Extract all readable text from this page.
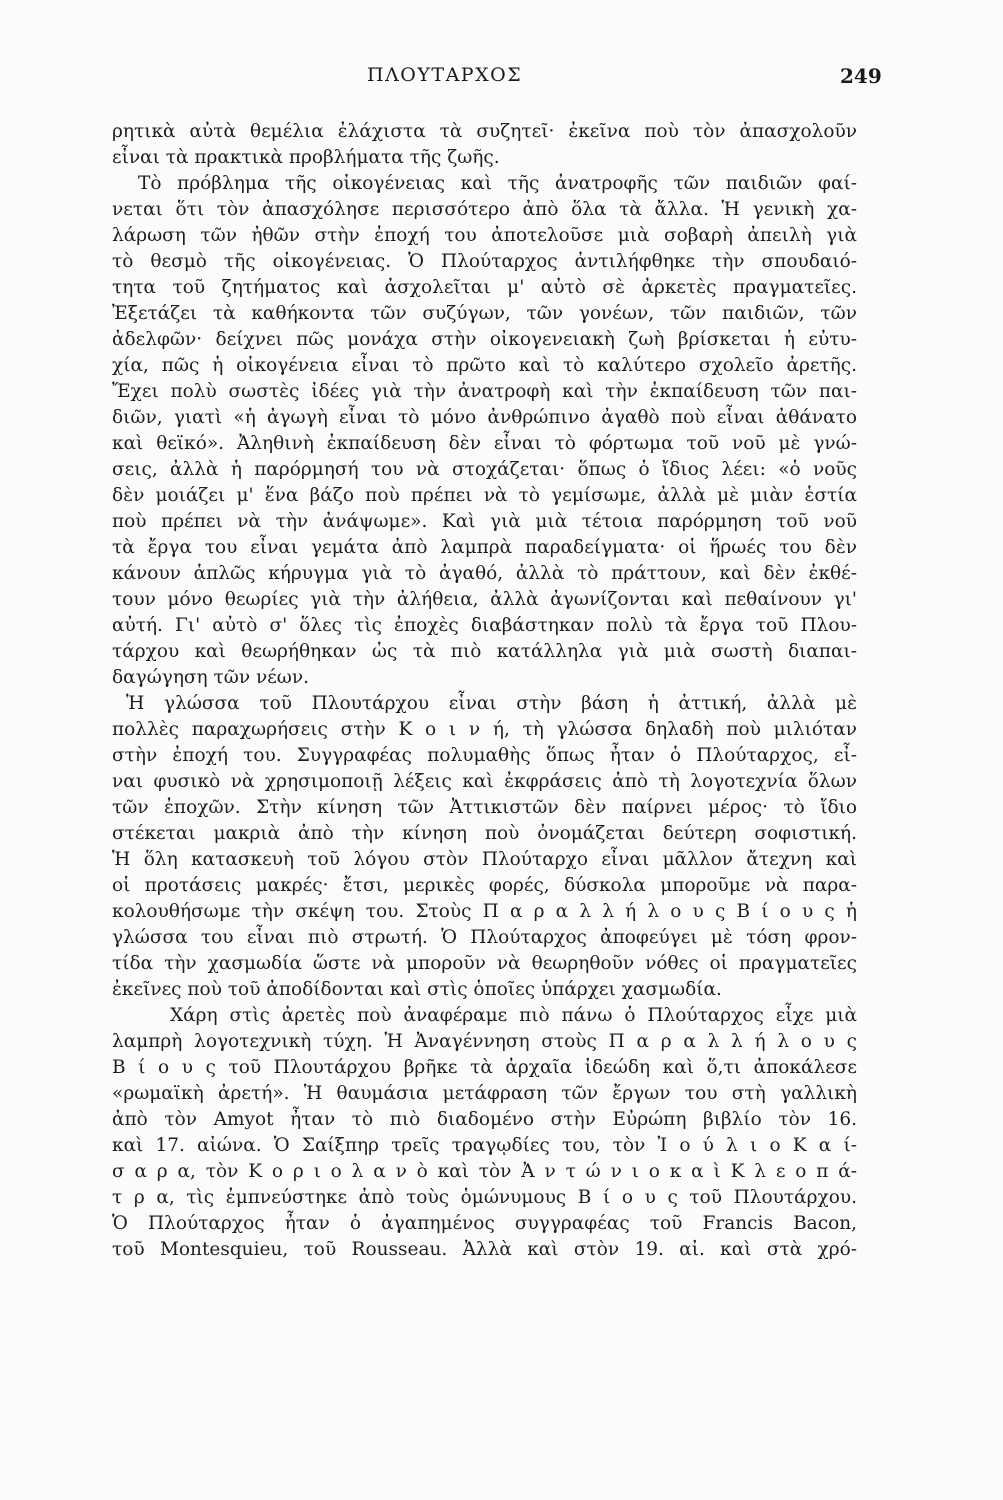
ΠΛΟΥΤΑΡΧΟΣ	249
ρητικὰ αὐτὰ θεμέλια ἐλάχιστα τὰ συζητεῖ· ἐκεῖνα ποὺ τὸν ἀπασχολοῦν
εἶναι τὰ πρακτικὰ προβλήματα τῆς ζωῆς.
Τὸ πρόβλημα τῆς οἰκογένειας καὶ τῆς ἀνατροφῆς τῶν παιδιῶν φαί-
νεται ὅτι τὸν ἀπασχόλησε περισσότερο ἀπὸ ὅλα τὰ ἄλλα. Ἡ γενικὴ χα-
λάρωση τῶν ἠθῶν στὴν ἐποχή του ἀποτελοῦσε μιὰ σοβαρὴ ἀπειλὴ γιὰ
τὸ θεσμὸ τῆς οἰκογένειας. Ὁ Πλούταρχος ἀντιλήφθηκε τὴν σπουδαιό-
τητα τοῦ ζητήματος καὶ ἀσχολεῖται μ' αὐτὸ σὲ ἀρκετὲς πραγματεῖες.
Ἐξετάζει τὰ καθήκοντα τῶν συζύγων, τῶν γονέων, τῶν παιδιῶν, τῶν
ἀδελφῶν· δείχνει πῶς μονάχα στὴν οἰκογενειακὴ ζωὴ βρίσκεται ἡ εὐτυ-
χία, πῶς ἡ οἰκογένεια εἶναι τὸ πρῶτο καὶ τὸ καλύτερο σχολεῖο ἀρετῆς.
Ἔχει πολὺ σωστὲς ἰδέες γιὰ τὴν ἀνατροφὴ καὶ τὴν ἐκπαίδευση τῶν παι-
διῶν, γιατὶ «ἡ ἀγωγὴ εἶναι τὸ μόνο ἀνθρώπινο ἀγαθὸ ποὺ εἶναι ἀθάνατο
καὶ θεϊκό». Ἀληθινὴ ἐκπαίδευση δὲν εἶναι τὸ φόρτωμα τοῦ νοῦ μὲ γνώ-
σεις, ἀλλὰ ἡ παρόρμησή του νὰ στοχάζεται· ὅπως ὁ ἴδιος λέει: «ὁ νοῦς
δὲν μοιάζει μ' ἕνα βάζο ποὺ πρέπει νὰ τὸ γεμίσωμε, ἀλλὰ μὲ μιὰν ἑστία
ποὺ πρέπει νὰ τὴν ἀνάψωμε». Καὶ γιὰ μιὰ τέτοια παρόρμηση τοῦ νοῦ
τὰ ἔργα του εἶναι γεμάτα ἀπὸ λαμπρὰ παραδείγματα· οἱ ἥρωές του δὲν
κάνουν ἁπλῶς κήρυγμα γιὰ τὸ ἀγαθό, ἀλλὰ τὸ πράττουν, καὶ δὲν ἐκθέ-
τουν μόνο θεωρίες γιὰ τὴν ἀλήθεια, ἀλλὰ ἀγωνίζονται καὶ πεθαίνουν γι'
αὐτή. Γι' αὐτὸ σ' ὅλες τὶς ἐποχὲς διαβάστηκαν πολὺ τὰ ἔργα τοῦ Πλου-
τάρχου καὶ θεωρήθηκαν ὡς τὰ πιὸ κατάλληλα γιὰ μιὰ σωστὴ διαπαι-
δαγώγηση τῶν νέων.
Ἡ γλώσσα τοῦ Πλουτάρχου εἶναι στὴν βάση ἡ ἀττική, ἀλλὰ μὲ
πολλὲς παραχωρήσεις στὴν Κ ο ι ν ή, τὴ γλώσσα δηλαδὴ ποὺ μιλιόταν
στὴν ἐποχή του. Συγγραφέας πολυμαθὴς ὅπως ἦταν ὁ Πλούταρχος, εἶ-
ναι φυσικὸ νὰ χρησιμοποιῇ λέξεις καὶ ἐκφράσεις ἀπὸ τὴ λογοτεχνία ὅλων
τῶν ἐποχῶν. Στὴν κίνηση τῶν Ἀττικιστῶν δὲν παίρνει μέρος· τὸ ἴδιο
στέκεται μακριὰ ἀπὸ τὴν κίνηση ποὺ ὀνομάζεται δεύτερη σοφιστική.
Ἡ ὅλη κατασκευὴ τοῦ λόγου στὸν Πλούταρχο εἶναι μᾶλλον ἄτεχνη καὶ
οἱ προτάσεις μακρές· ἔτσι, μερικὲς φορές, δύσκολα μποροῦμε νὰ παρα-
κολουθήσωμε τὴν σκέψη του. Στοὺς Π α ρ α λ λ ή λ ο υ ς Β ί ο υ ς ἡ
γλώσσα του εἶναι πιὸ στρωτή. Ὁ Πλούταρχος ἀποφεύγει μὲ τόση φρον-
τίδα τὴν χασμωδία ὥστε νὰ μποροῦν νὰ θεωρηθοῦν νόθες οἱ πραγματεῖες
ἐκεῖνες ποὺ τοῦ ἀποδίδονται καὶ στὶς ὁποῖες ὑπάρχει χασμωδία.
Χάρη στὶς ἀρετὲς ποὺ ἀναφέραμε πιὸ πάνω ὁ Πλούταρχος εἶχε μιὰ
λαμπρὴ λογοτεχνικὴ τύχη. Ἡ Ἀναγέννηση στοὺς Π α ρ α λ λ ή λ ο υ ς
Β ί ο υ ς τοῦ Πλουτάρχου βρῆκε τὰ ἀρχαῖα ἰδεώδη καὶ ὅ,τι ἀποκάλεσε
«ρωμαϊκὴ ἀρετή». Ἡ θαυμάσια μετάφραση τῶν ἔργων του στὴ γαλλικὴ
ἀπὸ τὸν Amyot ἦταν τὸ πιὸ διαδομένο στὴν Εὐρώπη βιβλίο τὸν 16.
καὶ 17. αἰώνα. Ὁ Σαίξπηρ τρεῖς τραγῳδίες του, τὸν Ἰ ο ύ λ ι ο Κ α ί-
σ α ρ α, τὸν Κ ο ρ ι ο λ α ν ὸ καὶ τὸν Ἀ ν τ ώ ν ι ο κ α ὶ Κ λ ε ο π ά-
τ ρ α, τὶς ἐμπνεύστηκε ἀπὸ τοὺς ὁμώνυμους Β ί ο υ ς τοῦ Πλουτάρχου.
Ὁ Πλούταρχος ἦταν ὁ ἀγαπημένος συγγραφέας τοῦ Francis Bacon,
τοῦ Montesquieu, τοῦ Rousseau. Ἀλλὰ καὶ στὸν 19. αἰ. καὶ στὰ χρό-
